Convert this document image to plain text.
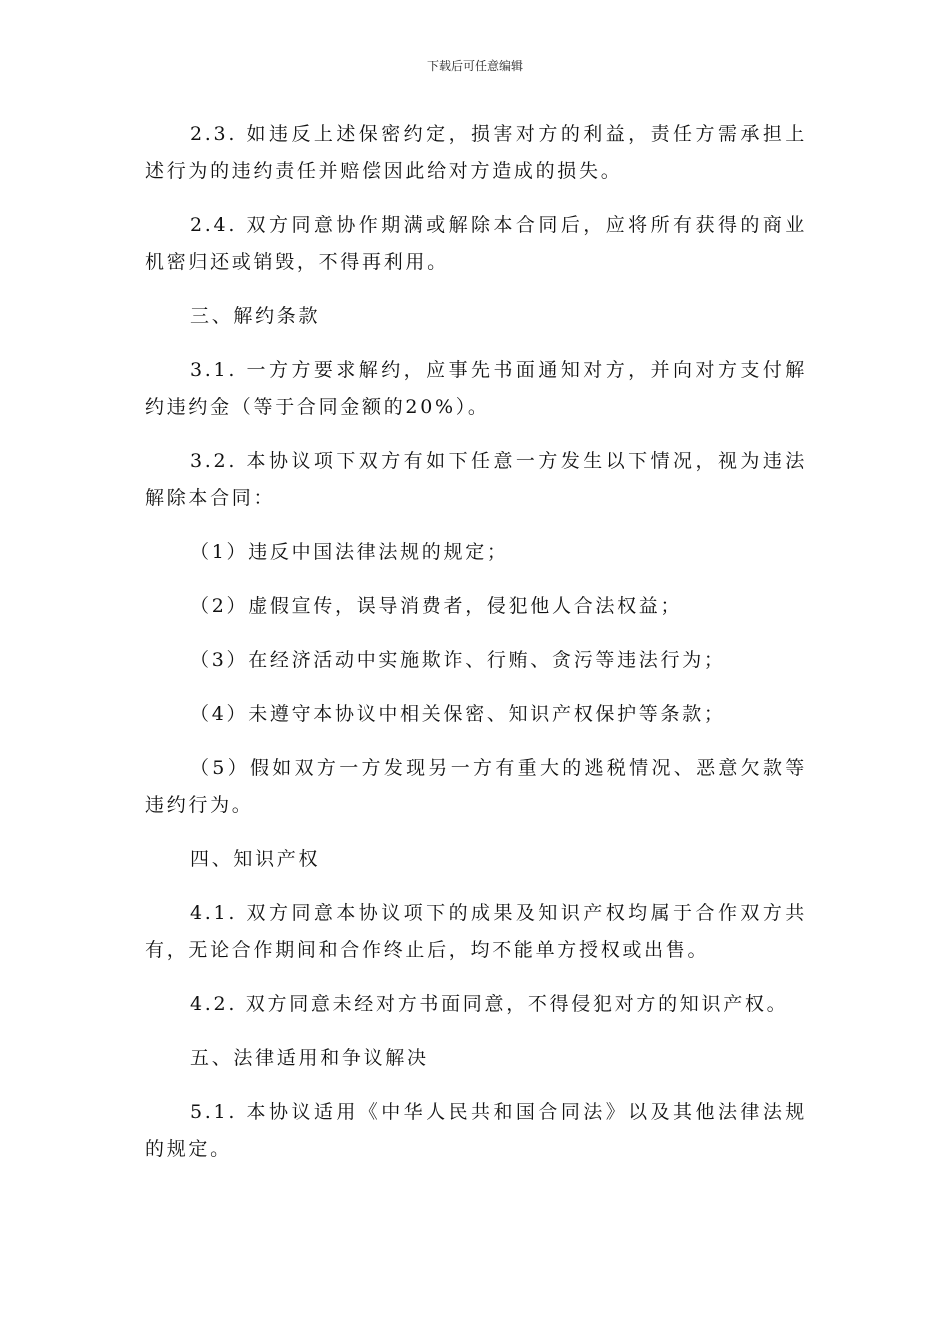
下载后可任意编辑

2.3. 如违反上述保密约定，损害对方的利益，责任方需承担上述行为的违约责任并赔偿因此给对方造成的损失。

2.4. 双方同意协作期满或解除本合同后，应将所有获得的商业机密归还或销毁，不得再利用。

三、解约条款

3.1. 一方方要求解约，应事先书面通知对方，并向对方支付解约违约金（等于合同金额的20%）。

3.2. 本协议项下双方有如下任意一方发生以下情况，视为违法解除本合同：

（1）违反中国法律法规的规定；

（2）虚假宣传，误导消费者，侵犯他人合法权益；

（3）在经济活动中实施欺诈、行贿、贪污等违法行为；

（4）未遵守本协议中相关保密、知识产权保护等条款；

（5）假如双方一方发现另一方有重大的逃税情况、恶意欠款等违约行为。

四、知识产权

4.1. 双方同意本协议项下的成果及知识产权均属于合作双方共有，无论合作期间和合作终止后，均不能单方授权或出售。

4.2. 双方同意未经对方书面同意，不得侵犯对方的知识产权。

五、法律适用和争议解决

5.1. 本协议适用《中华人民共和国合同法》以及其他法律法规的规定。
